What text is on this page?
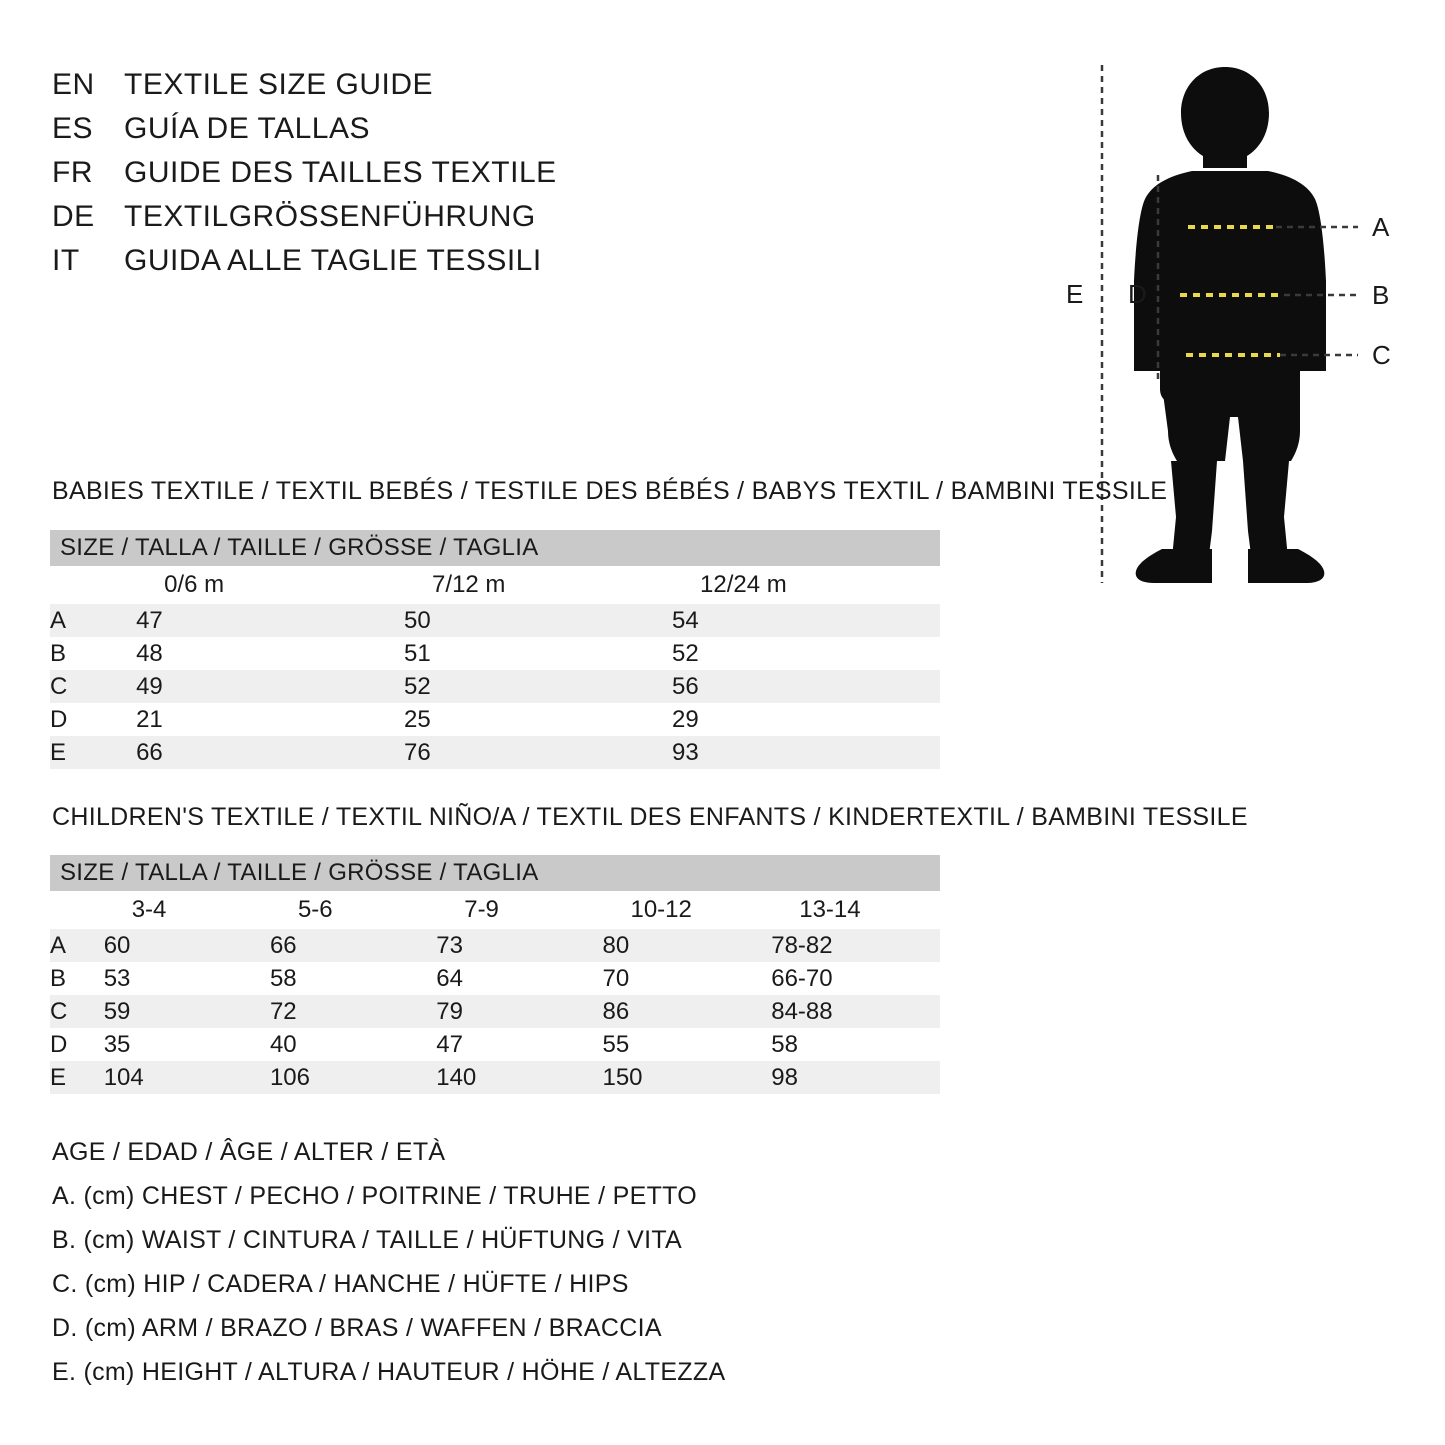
EN TEXTILE SIZE GUIDE
ES	GUÍA DE TALLAS
FR	GUIDE DES TAILLES TEXTILE
DE TEXTILGRÖSSENFÜHRUNG
IT	GUIDA ALLE TAGLIE TESSILI
A
B
C
D
E
BABIES TEXTILE / TEXTIL BEBÉS / TESTILE DES BÉBÉS / BABYS TEXTIL / BAMBINI TESSILE
SIZE / TALLA / TAILLE / GRÖSSE / TAGLIA			
	0/6 m	7/12 m	12/24 m
A	47	50	54
B	48	51	52
C	49	52	56
D	21	25	29
E	66	76	93
CHILDREN'S TEXTILE / TEXTIL NIÑO/A / TEXTIL DES ENFANTS / KINDERTEXTIL / BAMBINI TESSILE
SIZE / TALLA / TAILLE / GRÖSSE / TAGLIA					
	3-4	5-6	7-9	10-12	13-14
A	60	66	73	80	78-82
B	53	58	64	70	66-70
C	59	72	79	86	84-88
D	35	40	47	55	58
E	104	106	140	150	98
AGE / EDAD / ÂGE / ALTER / ETÀ
A. (cm) CHEST / PECHO / POITRINE / TRUHE / PETTO
B. (cm) WAIST / CINTURA / TAILLE / HÜFTUNG / VITA
C. (cm) HIP / CADERA / HANCHE / HÜFTE / HIPS
D. (cm) ARM / BRAZO / BRAS / WAFFEN / BRACCIA
E. (cm) HEIGHT / ALTURA / HAUTEUR / HÖHE / ALTEZZA
